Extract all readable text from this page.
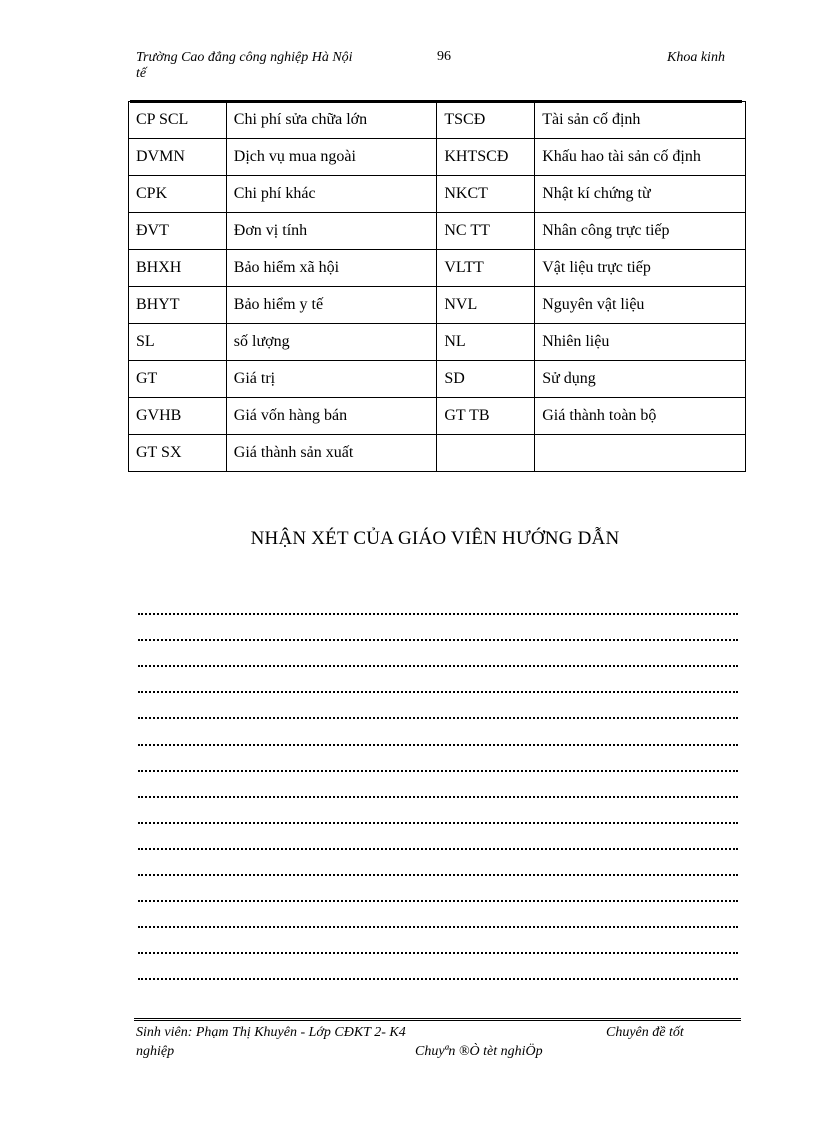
Trường Cao đẳng công nghiệp Hà Nội
tế
96	Khoa kinh
CP SCL	Chi phí sửa chữa lớn	TSCĐ	Tài sản cố định
DVMN	Dịch vụ mua ngoài	KHTSCĐ	Khấu hao tài sản cố định
CPK	Chi phí khác	NKCT	Nhật kí chứng từ
ĐVT	Đơn vị tính	NC TT	Nhân công trực tiếp
BHXH	Bảo hiểm xã hội	VLTT	Vật liệu trực tiếp
BHYT	Bảo hiểm y tế	NVL	Nguyên vật liệu
SL	số lượng	NL	Nhiên liệu
GT	Giá trị	SD	Sử dụng
GVHB	Giá vốn hàng bán	GT TB	Giá thành toàn bộ
GT SX	Giá thành sản xuất		
NHẬN XÉT CỦA GIÁO VIÊN HƯỚNG DẪN
Sinh viên: Phạm Thị Khuyên - Lớp CĐKT 2- K4	Chuyên đề tốt
nghiệp	Chuyªn ®Ò tèt nghiÖp
